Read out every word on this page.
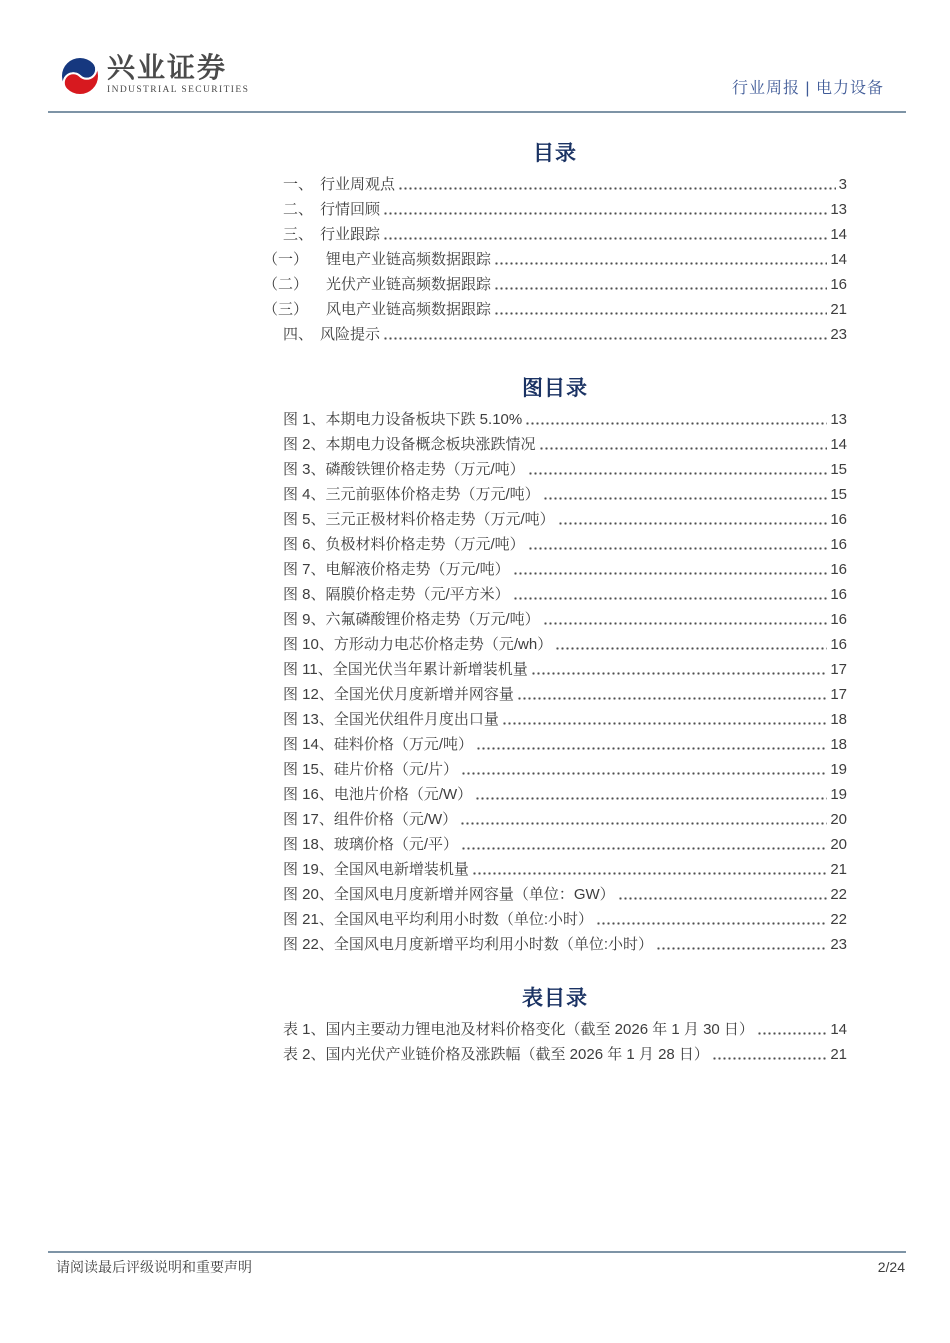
兴业证券
INDUSTRIAL SECURITIES	行业周报 | 电力设备
目录
一、 行业周观点	3
二、 行情回顾	13
三、 行业跟踪	14
（一）	锂电产业链高频数据跟踪	14
（二）	光伏产业链高频数据跟踪	16
（三）	风电产业链高频数据跟踪	21
四、 风险提示	23
图目录
图 1、 本期电力设备板块下跌 5.10%	13
图 2、 本期电力设备概念板块涨跌情况	14
图 3、 磷酸铁锂价格走势（万元/吨）	15
图 4、 三元前驱体价格走势（万元/吨）	15
图 5、 三元正极材料价格走势（万元/吨）	16
图 6、 负极材料价格走势（万元/吨）	16
图 7、 电解液价格走势（万元/吨）	16
图 8、 隔膜价格走势（元/平方米）	16
图 9、 六氟磷酸锂价格走势（万元/吨）	16
图 10、 方形动力电芯价格走势（元/wh）	16
图 11、 全国光伏当年累计新增装机量	17
图 12、 全国光伏月度新增并网容量	17
图 13、 全国光伏组件月度出口量	18
图 14、 硅料价格（万元/吨）	18
图 15、 硅片价格（元/片）	19
图 16、 电池片价格（元/W）	19
图 17、 组件价格（元/W）	20
图 18、 玻璃价格（元/平）	20
图 19、 全国风电新增装机量	21
图 20、 全国风电月度新增并网容量（单位：GW）	22
图 21、 全国风电平均利用小时数（单位:小时）	22
图 22、 全国风电月度新增平均利用小时数（单位:小时）	23
表目录
表 1、 国内主要动力锂电池及材料价格变化（截至 2026 年 1 月 30 日）	14
表 2、 国内光伏产业链价格及涨跌幅（截至 2026 年 1 月 28 日）	21
请阅读最后评级说明和重要声明	2/24
